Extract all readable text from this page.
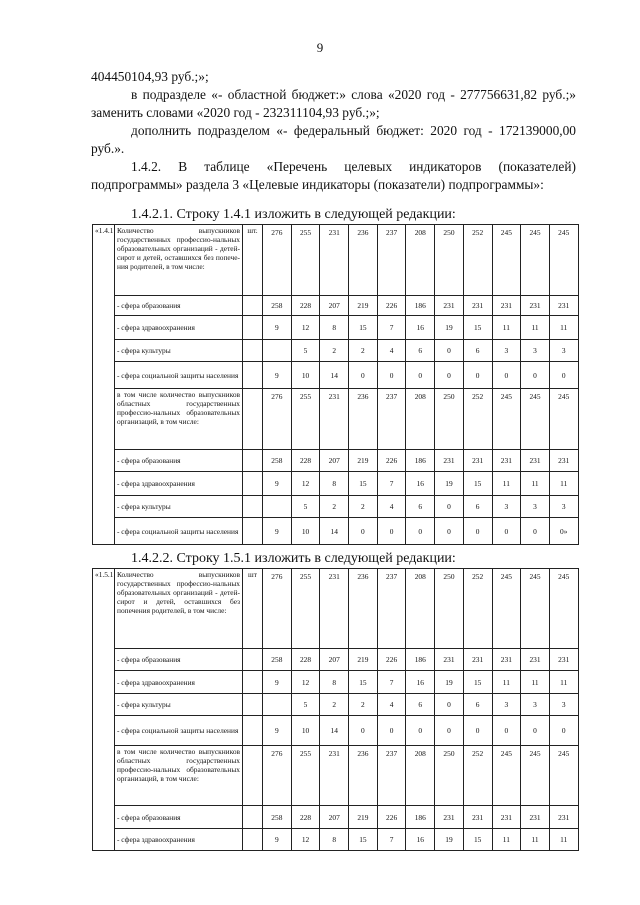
9

404450104,93 руб.;»;

в подразделе «- областной бюджет:» слова «2020 год - 277756631,82 руб.;» заменить словами «2020 год - 232311104,93 руб.;»;

дополнить подразделом «- федеральный бюджет: 2020 год - 172139000,00 руб.».

1.4.2. В таблице «Перечень целевых индикаторов (показателей) подпрограммы» раздела 3 «Целевые индикаторы (показатели) подпрограммы»:

1.4.2.1. Строку 1.4.1 изложить в следующей редакции:
«1.4.1	Количество выпускников государственных профессио-нальных образовательных организаций - детей-сирот и детей, оставшихся без попече-ния родителей, в том числе:	шт.	276	255	231	236	237	208	250	252	245	245	245
	- сфера образования		258	228	207	219	226	186	231	231	231	231	231
	- сфера здравоохранения		9	12	8	15	7	16	19	15	11	11	11
	- сфера культуры			5	2	2	4	6	0	6	3	3	3
	- сфера социальной защиты населения		9	10	14	0	0	0	0	0	0	0	0
	в том числе количество выпускников областных государственных профессио-нальных образовательных организаций, в том числе:		276	255	231	236	237	208	250	252	245	245	245
	- сфера образования		258	228	207	219	226	186	231	231	231	231	231
	- сфера здравоохранения		9	12	8	15	7	16	19	15	11	11	11
	- сфера культуры			5	2	2	4	6	0	6	3	3	3
	- сфера социальной защиты населения		9	10	14	0	0	0	0	0	0	0	0»
1.4.2.2. Строку 1.5.1 изложить в следующей редакции:
«1.5.1	Количество выпускников государственных профессио-нальных образовательных организаций - детей-сирот и детей, оставшихся без попечения родителей, в том числе:	шт	276	255	231	236	237	208	250	252	245	245	245
	- сфера образования		258	228	207	219	226	186	231	231	231	231	231
	- сфера здравоохранения		9	12	8	15	7	16	19	15	11	11	11
	- сфера культуры			5	2	2	4	6	0	6	3	3	3
	- сфера социальной защиты населения		9	10	14	0	0	0	0	0	0	0	0
	в том числе количество выпускников областных государственных профессио-нальных образовательных организаций, в том числе:		276	255	231	236	237	208	250	252	245	245	245
	- сфера образования		258	228	207	219	226	186	231	231	231	231	231
	- сфера здравоохранения		9	12	8	15	7	16	19	15	11	11	11
